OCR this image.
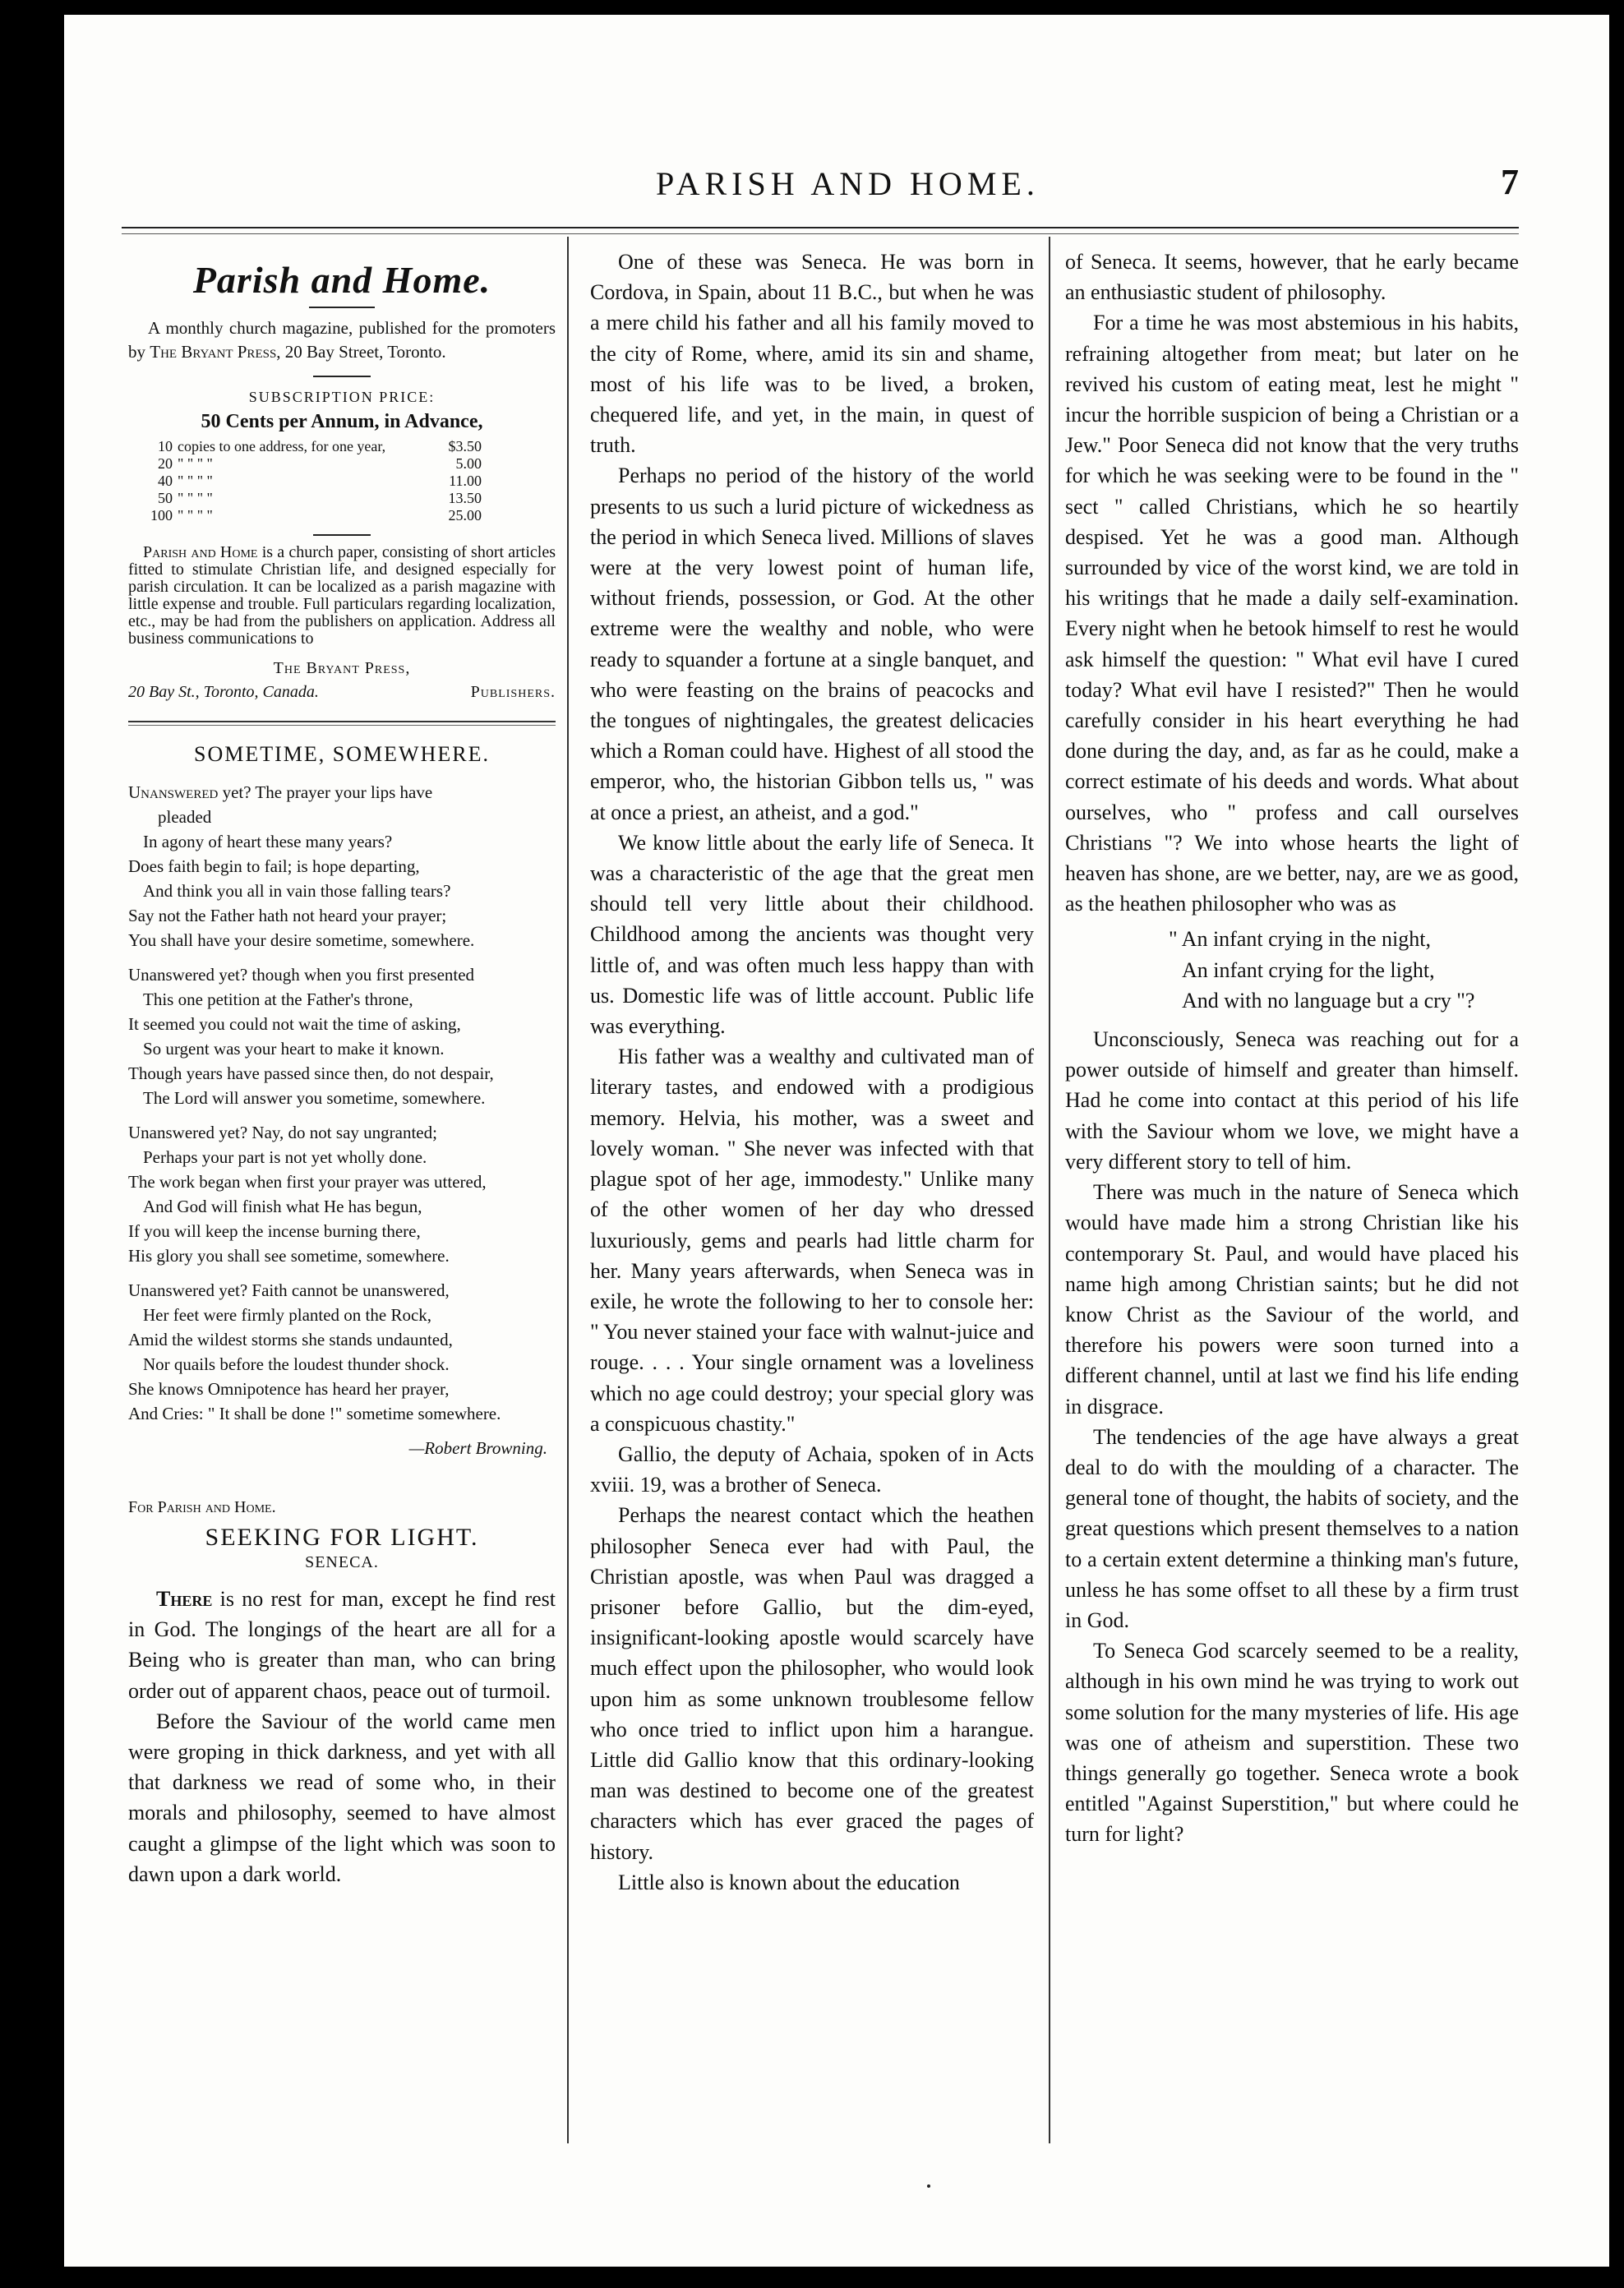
PARISH AND HOME.	7
Parish and Home.

A monthly church magazine, published for the promoters by The Bryant Press, 20 Bay Street, Toronto.

SUBSCRIPTION PRICE:
50 Cents per Annum, in Advance,
10	copies to one address, for one year,	$3.50
20	" " " "	5.00
40	" " " "	11.00
50	" " " "	13.50
100	" " " "	25.00

Parish and Home is a church paper, consisting of short articles fitted to stimulate Christian life, and designed especially for parish circulation. It can be localized as a parish magazine with little expense and trouble. Full particulars regarding localization, etc., may be had from the publishers on application. Address all business communications to

The Bryant Press,
20 Bay St., Toronto, Canada.	Publishers.
SOMETIME, SOMEWHERE.

Unanswered yet? The prayer your lips have

pleaded

In agony of heart these many years?

Does faith begin to fail; is hope departing,

And think you all in vain those falling tears?

Say not the Father hath not heard your prayer;

You shall have your desire sometime, somewhere.

Unanswered yet? though when you first presented

This one petition at the Father's throne,

It seemed you could not wait the time of asking,

So urgent was your heart to make it known.

Though years have passed since then, do not despair,

The Lord will answer you sometime, somewhere.

Unanswered yet? Nay, do not say ungranted;

Perhaps your part is not yet wholly done.

The work began when first your prayer was uttered,

And God will finish what He has begun,

If you will keep the incense burning there,

His glory you shall see sometime, somewhere.

Unanswered yet? Faith cannot be unanswered,

Her feet were firmly planted on the Rock,

Amid the wildest storms she stands undaunted,

Nor quails before the loudest thunder shock.

She knows Omnipotence has heard her prayer,

And Cries: " It shall be done !" sometime somewhere.

—Robert Browning.
For Parish and Home.
SEEKING FOR LIGHT.
SENECA.

There is no rest for man, except he find rest in God. The longings of the heart are all for a Being who is greater than man, who can bring order out of apparent chaos, peace out of turmoil.

Before the Saviour of the world came men were groping in thick darkness, and yet with all that darkness we read of some who, in their morals and philosophy, seemed to have almost caught a glimpse of the light which was soon to dawn upon a dark world.

One of these was Seneca. He was born in Cordova, in Spain, about 11 B.C., but when he was a mere child his father and all his family moved to the city of Rome, where, amid its sin and shame, most of his life was to be lived, a broken, chequered life, and yet, in the main, in quest of truth.

Perhaps no period of the history of the world presents to us such a lurid picture of wickedness as the period in which Seneca lived. Millions of slaves were at the very lowest point of human life, without friends, possession, or God. At the other extreme were the wealthy and noble, who were ready to squander a fortune at a single banquet, and who were feasting on the brains of peacocks and the tongues of nightingales, the greatest delicacies which a Roman could have. Highest of all stood the emperor, who, the historian Gibbon tells us, " was at once a priest, an atheist, and a god."

We know little about the early life of Seneca. It was a characteristic of the age that the great men should tell very little about their childhood. Childhood among the ancients was thought very little of, and was often much less happy than with us. Domestic life was of little account. Public life was everything.

His father was a wealthy and cultivated man of literary tastes, and endowed with a prodigious memory. Helvia, his mother, was a sweet and lovely woman. " She never was infected with that plague spot of her age, immodesty." Unlike many of the other women of her day who dressed luxuriously, gems and pearls had little charm for her. Many years afterwards, when Seneca was in exile, he wrote the following to her to console her: " You never stained your face with walnut-juice and rouge. . . . Your single ornament was a loveliness which no age could destroy; your special glory was a conspicuous chastity."

Gallio, the deputy of Achaia, spoken of in Acts xviii. 19, was a brother of Seneca.

Perhaps the nearest contact which the heathen philosopher Seneca ever had with Paul, the Christian apostle, was when Paul was dragged a prisoner before Gallio, but the dim-eyed, insignificant-looking apostle would scarcely have much effect upon the philosopher, who would look upon him as some unknown troublesome fellow who once tried to inflict upon him a harangue. Little did Gallio know that this ordinary-looking man was destined to become one of the greatest characters which has ever graced the pages of history.

Little also is known about the education

of Seneca. It seems, however, that he early became an enthusiastic student of philosophy.

For a time he was most abstemious in his habits, refraining altogether from meat; but later on he revived his custom of eating meat, lest he might " incur the horrible suspicion of being a Christian or a Jew." Poor Seneca did not know that the very truths for which he was seeking were to be found in the " sect " called Christians, which he so heartily despised. Yet he was a good man. Although surrounded by vice of the worst kind, we are told in his writings that he made a daily self-examination. Every night when he betook himself to rest he would ask himself the question: " What evil have I cured today? What evil have I resisted?" Then he would carefully consider in his heart everything he had done during the day, and, as far as he could, make a correct estimate of his deeds and words. What about ourselves, who " profess and call ourselves Christians "? We into whose hearts the light of heaven has shone, are we better, nay, are we as good, as the heathen philosopher who was as

" An infant crying in the night,

An infant crying for the light,

And with no language but a cry "?

Unconsciously, Seneca was reaching out for a power outside of himself and greater than himself. Had he come into contact at this period of his life with the Saviour whom we love, we might have a very different story to tell of him.

There was much in the nature of Seneca which would have made him a strong Christian like his contemporary St. Paul, and would have placed his name high among Christian saints; but he did not know Christ as the Saviour of the world, and therefore his powers were soon turned into a different channel, until at last we find his life ending in disgrace.

The tendencies of the age have always a great deal to do with the moulding of a character. The general tone of thought, the habits of society, and the great questions which present themselves to a nation to a certain extent determine a thinking man's future, unless he has some offset to all these by a firm trust in God.

To Seneca God scarcely seemed to be a reality, although in his own mind he was trying to work out some solution for the many mysteries of life. His age was one of atheism and superstition. These two things generally go together. Seneca wrote a book entitled "Against Superstition," but where could he turn for light?
